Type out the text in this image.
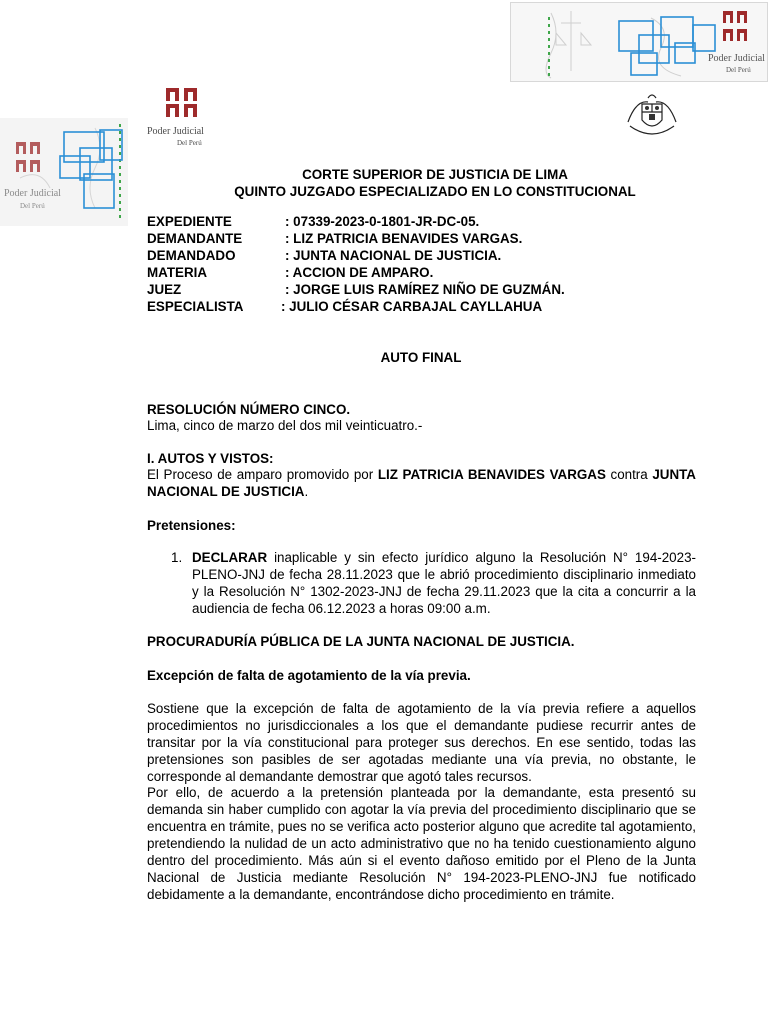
Poder Judicial
Del Perú
Poder Judicial
Del Perú
Poder Judicial
Del Perú
CORTE SUPERIOR DE JUSTICIA DE LIMA
QUINTO JUZGADO ESPECIALIZADO EN LO CONSTITUCIONAL
EXPEDIENTE	: 07339-2023-0-1801-JR-DC-05.
DEMANDANTE	: LIZ PATRICIA BENAVIDES VARGAS.
DEMANDADO	: JUNTA NACIONAL DE JUSTICIA.
MATERIA	: ACCION DE AMPARO.
JUEZ	: JORGE LUIS RAMÍREZ NIÑO DE GUZMÁN.
ESPECIALISTA	: JULIO CÉSAR CARBAJAL CAYLLAHUA
AUTO FINAL
RESOLUCIÓN NÚMERO CINCO.
Lima, cinco de marzo del dos mil veinticuatro.-
I. AUTOS Y VISTOS:
El Proceso de amparo promovido por LIZ PATRICIA BENAVIDES VARGAS contra JUNTA NACIONAL DE JUSTICIA.
Pretensiones:
1. DECLARAR inaplicable y sin efecto jurídico alguno la Resolución N° 194-2023-PLENO-JNJ de fecha 28.11.2023 que le abrió procedimiento disciplinario inmediato y la Resolución N° 1302-2023-JNJ de fecha 29.11.2023 que la cita a concurrir a la audiencia de fecha 06.12.2023 a horas 09:00 a.m.
PROCURADURÍA PÚBLICA DE LA JUNTA NACIONAL DE JUSTICIA.
Excepción de falta de agotamiento de la vía previa.
Sostiene que la excepción de falta de agotamiento de la vía previa refiere a aquellos procedimientos no jurisdiccionales a los que el demandante pudiese recurrir antes de transitar por la vía constitucional para proteger sus derechos. En ese sentido, todas las pretensiones son pasibles de ser agotadas mediante una vía previa, no obstante, le corresponde al demandante demostrar que agotó tales recursos.
Por ello, de acuerdo a la pretensión planteada por la demandante, esta presentó su demanda sin haber cumplido con agotar la vía previa del procedimiento disciplinario que se encuentra en trámite, pues no se verifica acto posterior alguno que acredite tal agotamiento, pretendiendo la nulidad de un acto administrativo que no ha tenido cuestionamiento alguno dentro del procedimiento. Más aún si el evento dañoso emitido por el Pleno de la Junta Nacional de Justicia mediante Resolución N° 194-2023-PLENO-JNJ fue notificado debidamente a la demandante, encontrándose dicho procedimiento en trámite.
